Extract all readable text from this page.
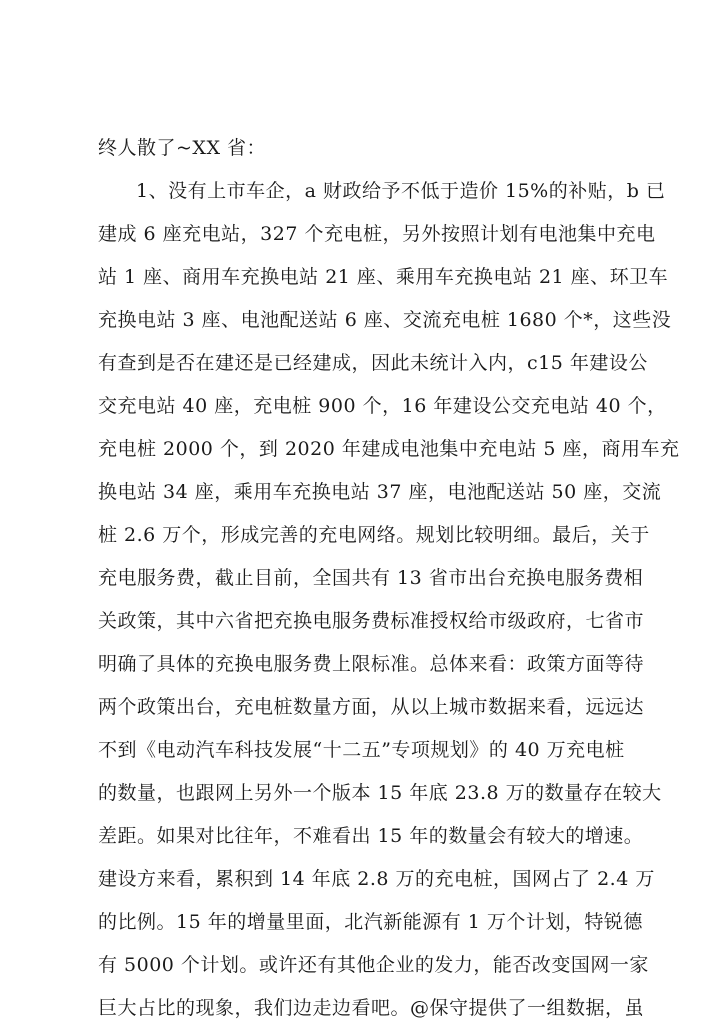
终人散了~XX 省：
1、没有上市车企，a 财政给予不低于造价 15%的补贴，b 已
建成 6 座充电站，327 个充电桩，另外按照计划有电池集中充电
站 1 座、商用车充换电站 21 座、乘用车充换电站 21 座、环卫车
充换电站 3 座、电池配送站 6 座、交流充电桩 1680 个*，这些没
有查到是否在建还是已经建成，因此未统计入内，c15 年建设公
交充电站 40 座，充电桩 900 个，16 年建设公交充电站 40 个，
充电桩 2000 个，到 2020 年建成电池集中充电站 5 座，商用车充
换电站 34 座，乘用车充换电站 37 座，电池配送站 50 座，交流
桩 2.6 万个，形成完善的充电网络。规划比较明细。最后，关于
充电服务费，截止目前，全国共有 13 省市出台充换电服务费相
关政策，其中六省把充换电服务费标准授权给市级政府，七省市
明确了具体的充换电服务费上限标准。总体来看：政策方面等待
两个政策出台，充电桩数量方面，从以上城市数据来看，远远达
不到《电动汽车科技发展“十二五”专项规划》的 40 万充电桩
的数量，也跟网上另外一个版本 15 年底 23.8 万的数量存在较大
差距。如果对比往年，不难看出 15 年的数量会有较大的增速。
建设方来看，累积到 14 年底 2.8 万的充电桩，国网占了 2.4 万
的比例。15 年的增量里面，北汽新能源有 1 万个计划，特锐德
有 5000 个计划。或许还有其他企业的发力，能否改变国网一家
巨大占比的现象，我们边走边看吧。@保守提供了一组数据，虽
